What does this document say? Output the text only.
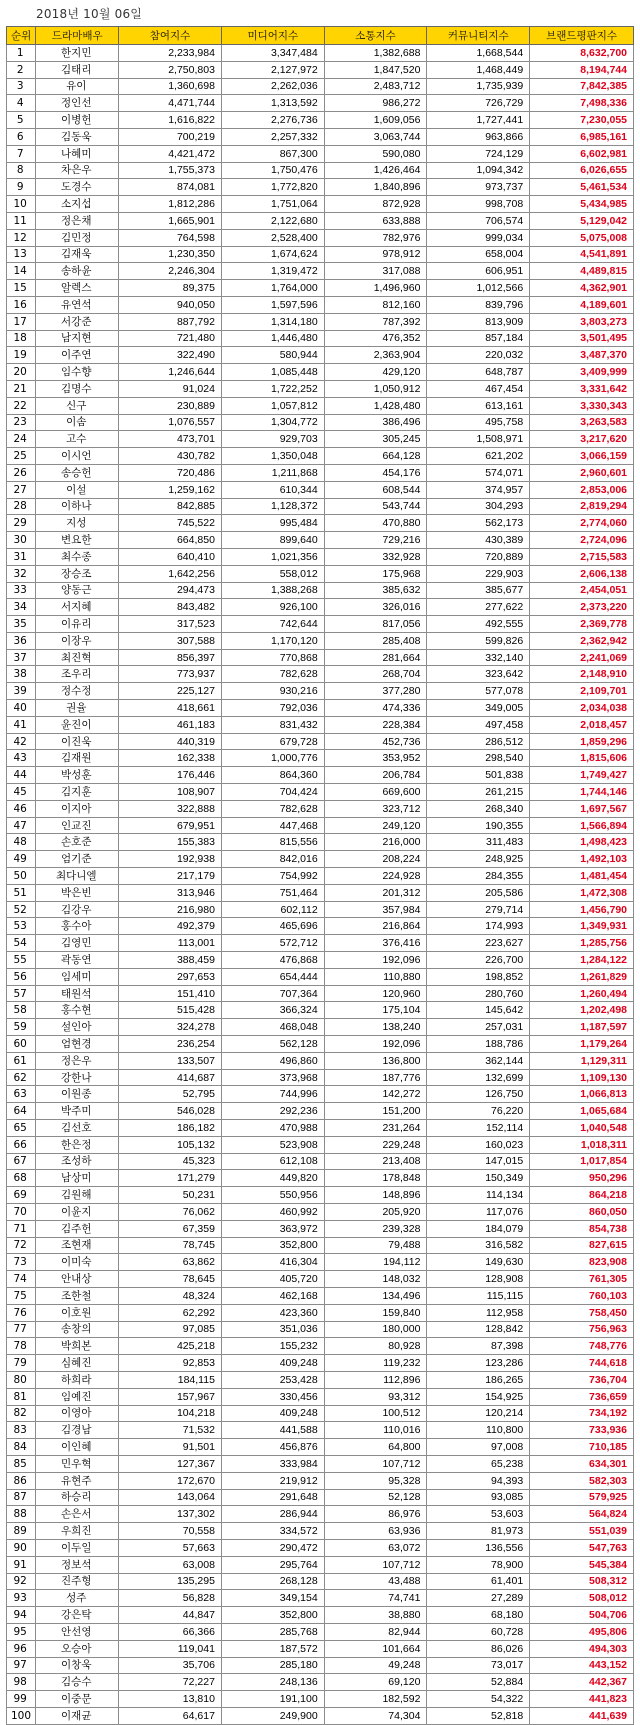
2018년 10월 06일
순위	드라마배우	참여지수	미디어지수	소통지수	커뮤니티지수	브랜드평판지수
1	한지민	2,233,984	3,347,484	1,382,688	1,668,544	8,632,700
2	김태리	2,750,803	2,127,972	1,847,520	1,468,449	8,194,744
3	유이	1,360,698	2,262,036	2,483,712	1,735,939	7,842,385
4	정인선	4,471,744	1,313,592	986,272	726,729	7,498,336
5	이병헌	1,616,822	2,276,736	1,609,056	1,727,441	7,230,055
6	김동욱	700,219	2,257,332	3,063,744	963,866	6,985,161
7	나혜미	4,421,472	867,300	590,080	724,129	6,602,981
8	차은우	1,755,373	1,750,476	1,426,464	1,094,342	6,026,655
9	도경수	874,081	1,772,820	1,840,896	973,737	5,461,534
10	소지섭	1,812,286	1,751,064	872,928	998,708	5,434,985
11	정은채	1,665,901	2,122,680	633,888	706,574	5,129,042
12	김민정	764,598	2,528,400	782,976	999,034	5,075,008
13	김재욱	1,230,350	1,674,624	978,912	658,004	4,541,891
14	송하윤	2,246,304	1,319,472	317,088	606,951	4,489,815
15	알렉스	89,375	1,764,000	1,496,960	1,012,566	4,362,901
16	유연석	940,050	1,597,596	812,160	839,796	4,189,601
17	서강준	887,792	1,314,180	787,392	813,909	3,803,273
18	남지현	721,480	1,446,480	476,352	857,184	3,501,495
19	이주연	322,490	580,944	2,363,904	220,032	3,487,370
20	임수향	1,246,644	1,085,448	429,120	648,787	3,409,999
21	김명수	91,024	1,722,252	1,050,912	467,454	3,331,642
22	신구	230,889	1,057,812	1,428,480	613,161	3,330,343
23	이솜	1,076,557	1,304,772	386,496	495,758	3,263,583
24	고수	473,701	929,703	305,245	1,508,971	3,217,620
25	이시언	430,782	1,350,048	664,128	621,202	3,066,159
26	송승헌	720,486	1,211,868	454,176	574,071	2,960,601
27	이설	1,259,162	610,344	608,544	374,957	2,853,006
28	이하나	842,885	1,128,372	543,744	304,293	2,819,294
29	지성	745,522	995,484	470,880	562,173	2,774,060
30	변요한	664,850	899,640	729,216	430,389	2,724,096
31	최수종	640,410	1,021,356	332,928	720,889	2,715,583
32	장승조	1,642,256	558,012	175,968	229,903	2,606,138
33	양동근	294,473	1,388,268	385,632	385,677	2,454,051
34	서지혜	843,482	926,100	326,016	277,622	2,373,220
35	이유리	317,523	742,644	817,056	492,555	2,369,778
36	이장우	307,588	1,170,120	285,408	599,826	2,362,942
37	최진혁	856,397	770,868	281,664	332,140	2,241,069
38	조우리	773,937	782,628	268,704	323,642	2,148,910
39	정수정	225,127	930,216	377,280	577,078	2,109,701
40	권율	418,661	792,036	474,336	349,005	2,034,038
41	윤진이	461,183	831,432	228,384	497,458	2,018,457
42	이진욱	440,319	679,728	452,736	286,512	1,859,296
43	김재원	162,338	1,000,776	353,952	298,540	1,815,606
44	박성훈	176,446	864,360	206,784	501,838	1,749,427
45	김지훈	108,907	704,424	669,600	261,215	1,744,146
46	이지아	322,888	782,628	323,712	268,340	1,697,567
47	인교진	679,951	447,468	249,120	190,355	1,566,894
48	손호준	155,383	815,556	216,000	311,483	1,498,423
49	엄기준	192,938	842,016	208,224	248,925	1,492,103
50	최다니엘	217,179	754,992	224,928	284,355	1,481,454
51	박은빈	313,946	751,464	201,312	205,586	1,472,308
52	김강우	216,980	602,112	357,984	279,714	1,456,790
53	홍수아	492,379	465,696	216,864	174,993	1,349,931
54	김영민	113,001	572,712	376,416	223,627	1,285,756
55	곽동연	388,459	476,868	192,096	226,700	1,284,122
56	임세미	297,653	654,444	110,880	198,852	1,261,829
57	태원석	151,410	707,364	120,960	280,760	1,260,494
58	홍수현	515,428	366,324	175,104	145,642	1,202,498
59	설인아	324,278	468,048	138,240	257,031	1,187,597
60	엄현경	236,254	562,128	192,096	188,786	1,179,264
61	정은우	133,507	496,860	136,800	362,144	1,129,311
62	강한나	414,687	373,968	187,776	132,699	1,109,130
63	이원종	52,795	744,996	142,272	126,750	1,066,813
64	박주미	546,028	292,236	151,200	76,220	1,065,684
65	김선호	186,182	470,988	231,264	152,114	1,040,548
66	한은정	105,132	523,908	229,248	160,023	1,018,311
67	조성하	45,323	612,108	213,408	147,015	1,017,854
68	남상미	171,279	449,820	178,848	150,349	950,296
69	김원해	50,231	550,956	148,896	114,134	864,218
70	이윤지	76,062	460,992	205,920	117,076	860,050
71	김주헌	67,359	363,972	239,328	184,079	854,738
72	조현재	78,745	352,800	79,488	316,582	827,615
73	이미숙	63,862	416,304	194,112	149,630	823,908
74	안내상	78,645	405,720	148,032	128,908	761,305
75	조한철	48,324	462,168	134,496	115,115	760,103
76	이호원	62,292	423,360	159,840	112,958	758,450
77	송창의	97,085	351,036	180,000	128,842	756,963
78	박희본	425,218	155,232	80,928	87,398	748,776
79	심혜진	92,853	409,248	119,232	123,286	744,618
80	하희라	184,115	253,428	112,896	186,265	736,704
81	임예진	157,967	330,456	93,312	154,925	736,659
82	이영아	104,218	409,248	100,512	120,214	734,192
83	김경남	71,532	441,588	110,016	110,800	733,936
84	이인혜	91,501	456,876	64,800	97,008	710,185
85	민우혁	127,367	333,984	107,712	65,238	634,301
86	유현주	172,670	219,912	95,328	94,393	582,303
87	하승리	143,064	291,648	52,128	93,085	579,925
88	손은서	137,302	286,944	86,976	53,603	564,824
89	우희진	70,558	334,572	63,936	81,973	551,039
90	이두일	57,663	290,472	63,072	136,556	547,763
91	정보석	63,008	295,764	107,712	78,900	545,384
92	진주형	135,295	268,128	43,488	61,401	508,312
93	성주	56,828	349,154	74,741	27,289	508,012
94	강은탁	44,847	352,800	38,880	68,180	504,706
95	안선영	66,366	285,768	82,944	60,728	495,806
96	오승아	119,041	187,572	101,664	86,026	494,303
97	이창욱	35,706	285,180	49,248	73,017	443,152
98	김승수	72,227	248,136	69,120	52,884	442,367
99	이중문	13,810	191,100	182,592	54,322	441,823
100	이재균	64,617	249,900	74,304	52,818	441,639
